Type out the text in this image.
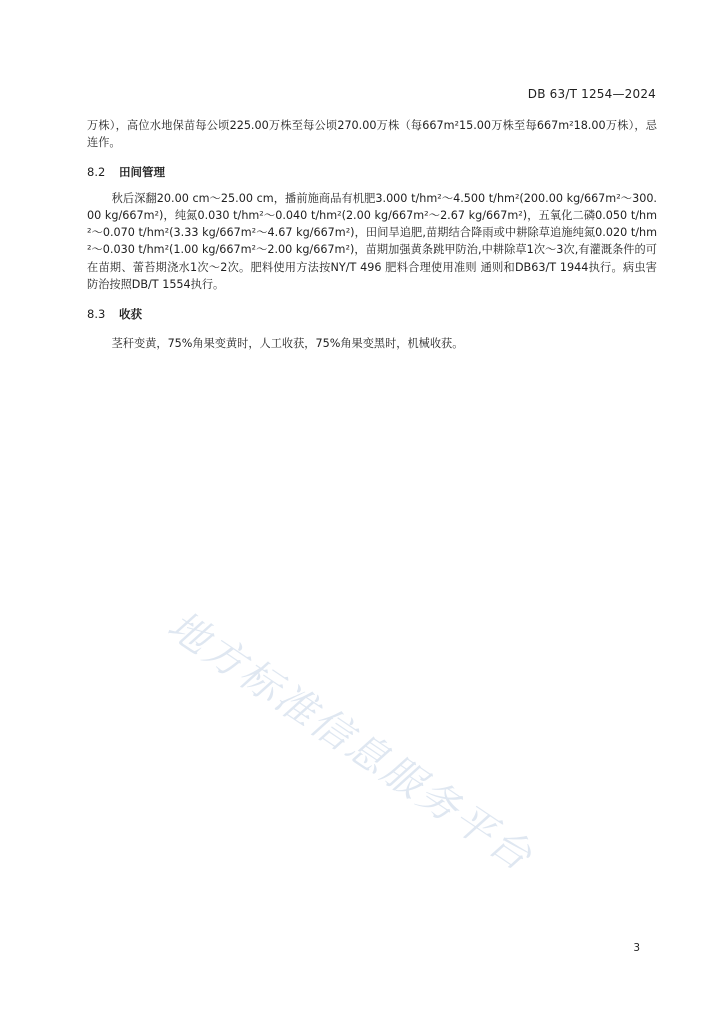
DB 63/T 1254—2024

万株），高位水地保苗每公顷225.00万株至每公顷270.00万株（每667m²15.00万株至每667m²18.00万株），忌连作。

8.2 田间管理

秋后深翻20.00 cm～25.00 cm，播前施商品有机肥3.000 t/hm²～4.500 t/hm²(200.00 kg/667m²～300.00 kg/667m²)，纯氮0.030 t/hm²～0.040 t/hm²(2.00 kg/667m²～2.67 kg/667m²)，五氧化二磷0.050 t/hm²～0.070 t/hm²(3.33 kg/667m²～4.67 kg/667m²)，田间旱追肥,苗期结合降雨或中耕除草追施纯氮0.020 t/hm²～0.030 t/hm²(1.00 kg/667m²～2.00 kg/667m²)，苗期加强黄条跳甲防治,中耕除草1次～3次,有灌溉条件的可在苗期、蕾苔期浇水1次～2次。肥料使用方法按NY/T 496 肥料合理使用准则 通则和DB63/T 1944执行。病虫害防治按照DB/T 1554执行。

8.3 收获

茎秆变黄，75%角果变黄时，人工收获，75%角果变黑时，机械收获。

地方标准信息服务平台
3
